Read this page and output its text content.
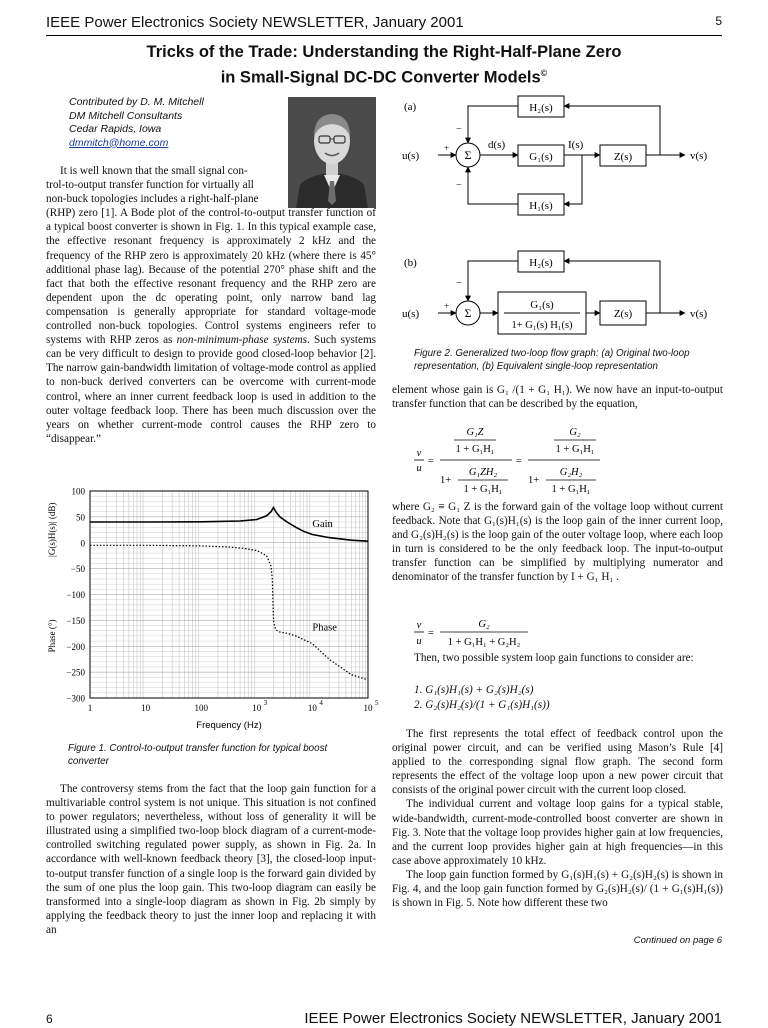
IEEE Power Electronics Society NEWSLETTER, January 2001	5
Tricks of the Trade: Understanding the Right-Half-Plane Zero
in Small-Signal DC-DC Converter Models©
Contributed by D. M. Mitchell
DM Mitchell Consultants
Cedar Rapids, Iowa
dmmitch@home.com
It is well known that the small signal con-
trol-to-output transfer function for virtually all
non-buck topologies includes a right-half-plane
(RHP) zero [1]. A Bode plot of the control-to-output transfer function of a typical boost converter is shown in Fig. 1. In this typical example case, the effective resonant frequency is approximately 2 kHz and the frequency of the RHP zero is approximately 20 kHz (where there is 45° additional phase lag). Because of the potential 270° phase shift and the fact that both the effective resonant frequency and the RHP zero are dependent upon the dc operating point, only narrow band lag compensation is generally appropriate for standard voltage-mode controlled non-buck topologies. Control systems engineers refer to systems with RHP zeros as non-minimum-phase systems. Such systems can be very difficult to design to provide good closed-loop behavior [2]. The narrow gain-bandwidth limitation of voltage-mode control as applied to non-buck derived converters can be overcome with current-mode control, where an inner current feedback loop is used in addition to the outer voltage feedback loop. There has been much discussion over the years on whether current-mode control causes the RHP zero to “disappear.”
100
50
0
−50
−100
−150
−200
−250
−300
1	10	100	10 3	10 4	10 5
Frequency (Hz)
|G(s)H(s)| (dB)
Phase (°)
Gain
Phase
Figure 1. Control-to-output transfer function for typical boost converter

The controversy stems from the fact that the loop gain function for a multivariable control system is not unique. This situation is not confined to power regulators; nevertheless, without loss of generality it will be illustrated using a simplified two-loop block diagram of a current-mode-controlled switching regulated power supply, as shown in Fig. 2a. In accordance with well-known feedback theory [3], the closed-loop input-to-output transfer function of a single loop is the forward gain divided by the sum of one plus the loop gain. This two-loop diagram can easily be transformed into a single-loop diagram as shown in Fig. 2b simply by applying the feedback theory to just the inner loop and replacing it with an

(a)	H₂(s)
G₁(s)	Z(s)
H₁(s)
Σ
u(s)	v(s)
d(s)	I(s)
+
−
−
(b)	H₂(s)
G₁(s)
1+ G₁(s) H₁(s)
Z(s)
Σ
u(s)	v(s)
+
−
Figure 2. Generalized two-loop flow graph: (a) Original two-loop representation, (b) Equivalent single-loop representation
element whose gain is G₁ /(1 + G₁ H₁). We now have an input-to-output transfer function that can be described by the equation,
v
u
=
G₁Z
1 + G₁H₁
1+
G₁ZH₂
1 + G₁H₁
=
G₂
1 + G₁H₁
1+
G₂H₂
1 + G₁H₁
where G₂ ≡ G₁ Z is the forward gain of the voltage loop without current feedback. Note that G₁(s)H₁(s) is the loop gain of the inner current loop, and G₂(s)H₂(s) is the loop gain of the outer voltage loop, where each loop in turn is considered to be the only feedback loop. The input-to-output transfer function can be simplified by multiplying numerator and denominator of the transfer function by I + G₁ H₁ .
v
u
=
G₂
1 + G₁H₁ + G₂H₂
Then, two possible system loop gain functions to consider are:
1. G₁(s)H₁(s) + G₂(s)H₂(s)
2. G₂(s)H₂(s)/(1 + G₁(s)H₁(s))

The first represents the total effect of feedback control upon the original power circuit, and can be verified using Mason’s Rule [4] applied to the corresponding signal flow graph. The second form represents the effect of the voltage loop upon a new power circuit that consists of the original power circuit with the current loop closed.

The individual current and voltage loop gains for a typical stable, wide-bandwidth, current-mode-controlled boost converter are shown in Fig. 3. Note that the voltage loop provides higher gain at low frequencies, and the current loop provides higher gain at high frequencies—in this case above approximately 10 kHz.

The loop gain function formed by G₁(s)H₁(s) + G₂(s)H₂(s) is shown in Fig. 4, and the loop gain function formed by G₂(s)H₂(s)/ (1 + G₁(s)H₁(s)) is shown in Fig. 5. Note how different these two

Continued on page 6
6	IEEE Power Electronics Society NEWSLETTER, January 2001
